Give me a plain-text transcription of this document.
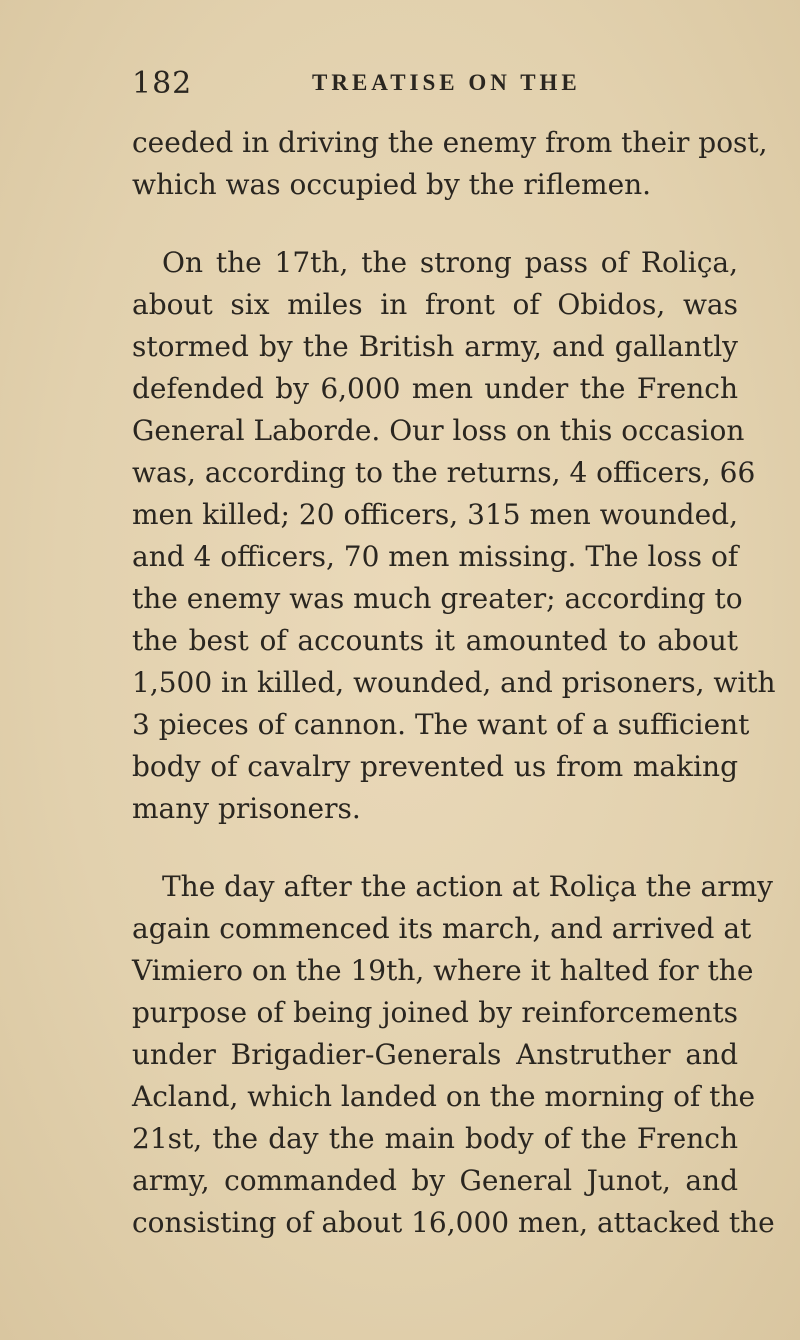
182	TREATISE ON THE
ceeded in driving the enemy from their post,
which was occupied by the riflemen.
On the 17th, the strong pass of Roliça,
about six miles in front of Obidos, was
stormed by the British army, and gallantly
defended by 6,000 men under the French
General Laborde. Our loss on this occasion
was, according to the returns, 4 officers, 66
men killed; 20 officers, 315 men wounded,
and 4 officers, 70 men missing. The loss of
the enemy was much greater; according to
the best of accounts it amounted to about
1,500 in killed, wounded, and prisoners, with
3 pieces of cannon. The want of a sufficient
body of cavalry prevented us from making
many prisoners.
The day after the action at Roliça the army
again commenced its march, and arrived at
Vimiero on the 19th, where it halted for the
purpose of being joined by reinforcements
under Brigadier-Generals Anstruther and
Acland, which landed on the morning of the
21st, the day the main body of the French
army, commanded by General Junot, and
consisting of about 16,000 men, attacked the
